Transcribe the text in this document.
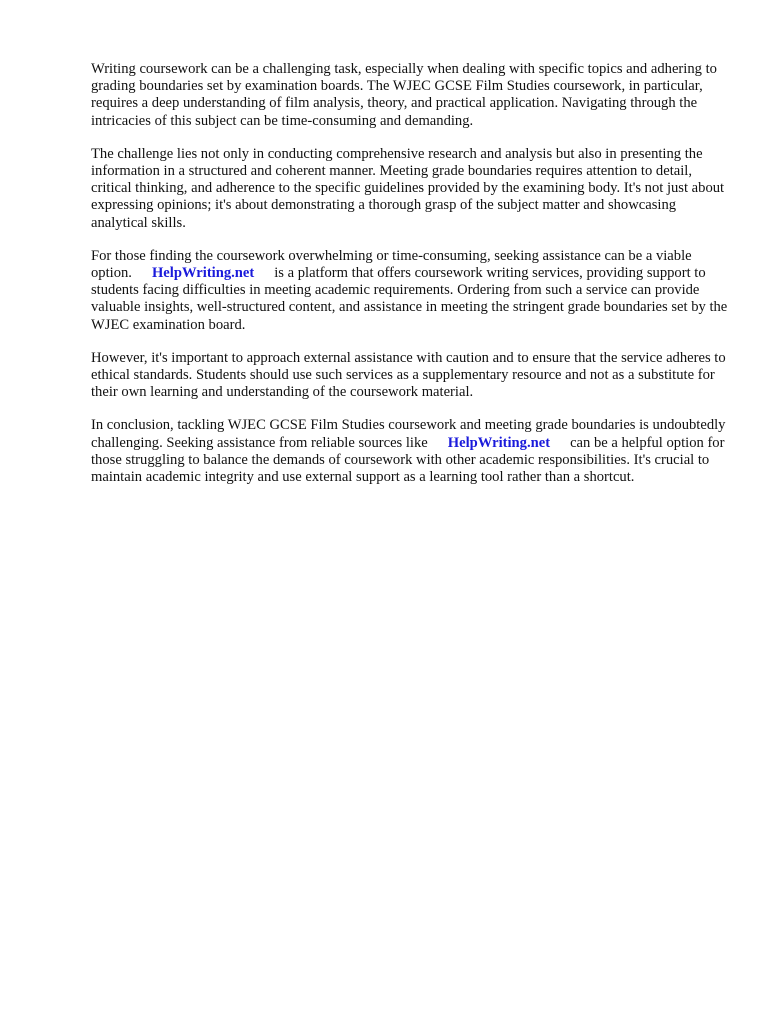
Writing coursework can be a challenging task, especially when dealing with specific topics and adhering to grading boundaries set by examination boards. The WJEC GCSE Film Studies coursework, in particular, requires a deep understanding of film analysis, theory, and practical application. Navigating through the intricacies of this subject can be time-consuming and demanding.

The challenge lies not only in conducting comprehensive research and analysis but also in presenting the information in a structured and coherent manner. Meeting grade boundaries requires attention to detail, critical thinking, and adherence to the specific guidelines provided by the examining body. It's not just about expressing opinions; it's about demonstrating a thorough grasp of the subject matter and showcasing analytical skills.

For those finding the coursework overwhelming or time-consuming, seeking assistance can be a viable option. HelpWriting.net is a platform that offers coursework writing services, providing support to students facing difficulties in meeting academic requirements. Ordering from such a service can provide valuable insights, well-structured content, and assistance in meeting the stringent grade boundaries set by the WJEC examination board.

However, it's important to approach external assistance with caution and to ensure that the service adheres to ethical standards. Students should use such services as a supplementary resource and not as a substitute for their own learning and understanding of the coursework material.

In conclusion, tackling WJEC GCSE Film Studies coursework and meeting grade boundaries is undoubtedly challenging. Seeking assistance from reliable sources like HelpWriting.net can be a helpful option for those struggling to balance the demands of coursework with other academic responsibilities. It's crucial to maintain academic integrity and use external support as a learning tool rather than a shortcut.
